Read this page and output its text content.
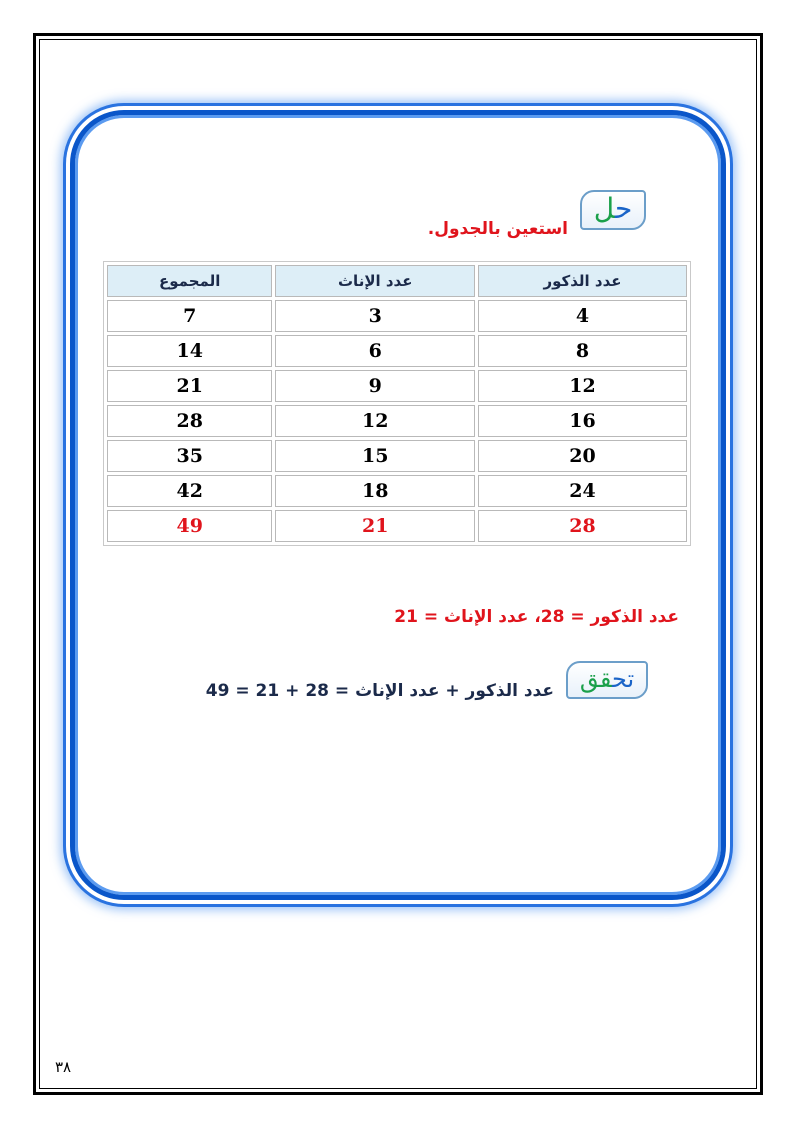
حل
استعين بالجدول.
عدد الذكور	عدد الإناث	المجموع
4	3	7
8	6	14
12	9	21
16	12	28
20	15	35
24	18	42
28	21	49
عدد الذكور = 28، عدد الإناث = 21
تحقق
عدد الذكور + عدد الإناث = 28 + 21 = 49
٣٨
